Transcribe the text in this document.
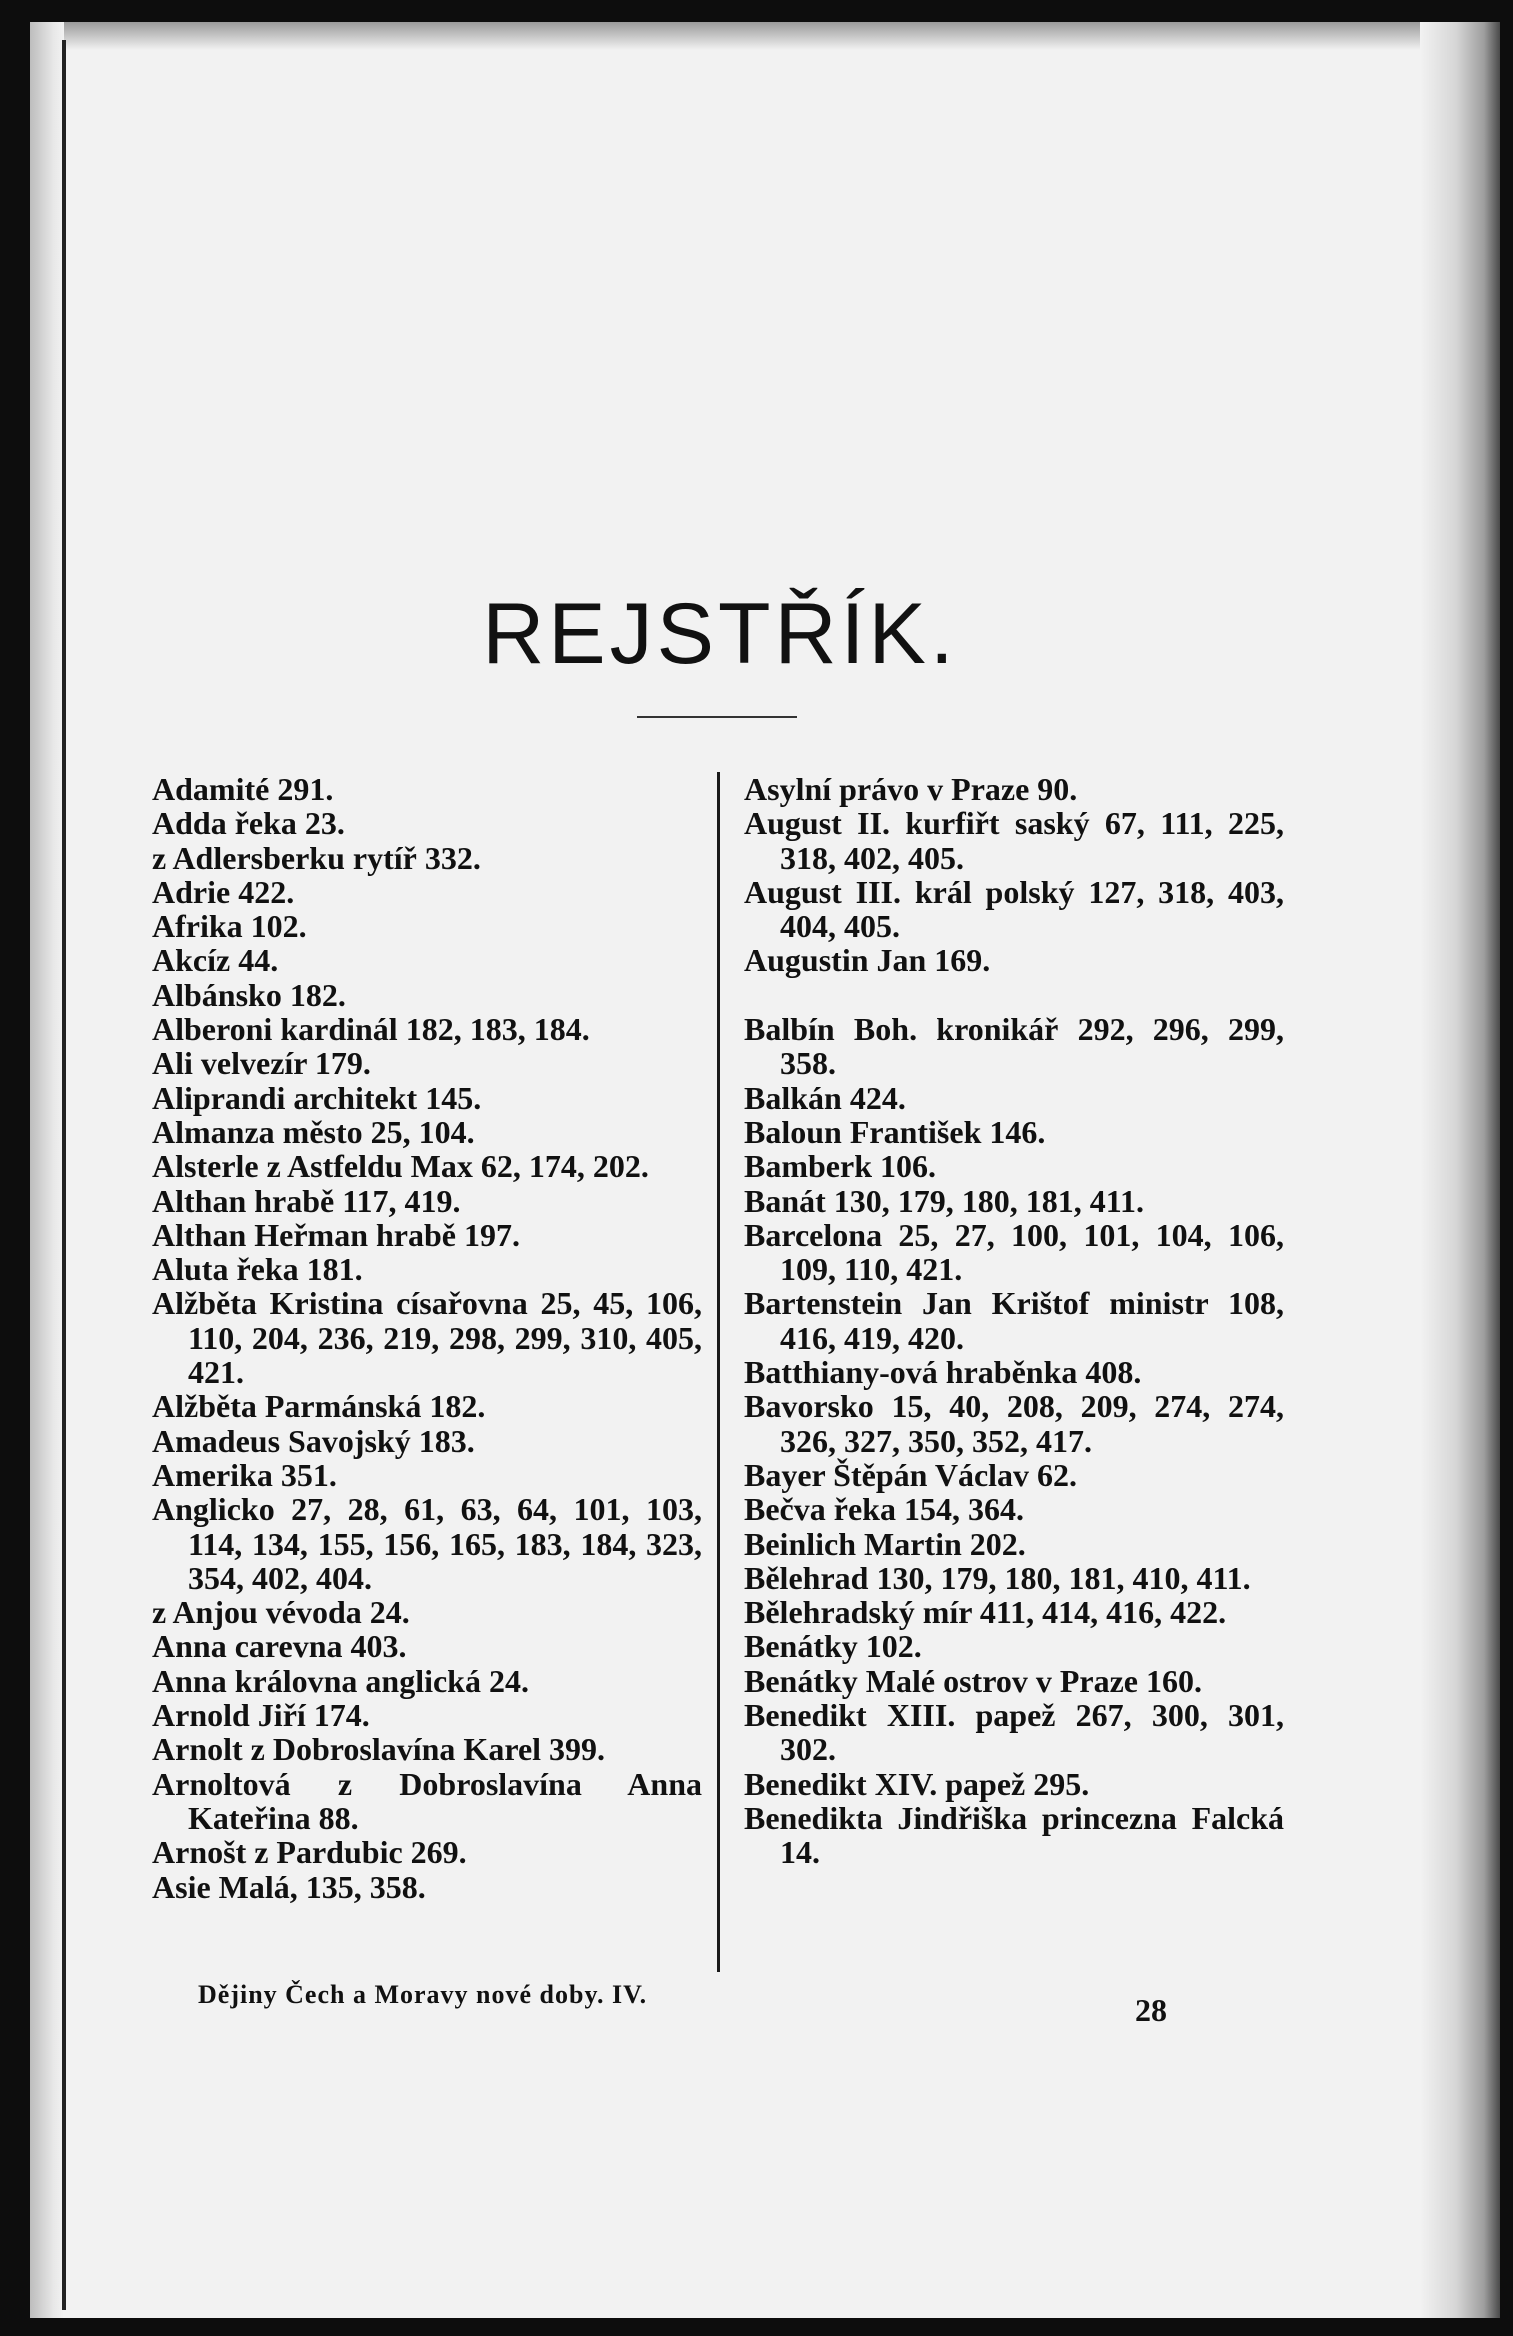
REJSTŘÍK.
Adamité 291.
Adda řeka 23.
z Adlersberku rytíř 332.
Adrie 422.
Afrika 102.
Akcíz 44.
Albánsko 182.
Alberoni kardinál 182, 183, 184.
Ali velvezír 179.
Aliprandi architekt 145.
Almanza město 25, 104.
Alsterle z Astfeldu Max 62, 174, 202.
Althan hrabě 117, 419.
Althan Heřman hrabě 197.
Aluta řeka 181.
Alžběta Kristina císařovna 25, 45, 106, 110, 204, 236, 219, 298, 299, 310, 405, 421.
Alžběta Parmánská 182.
Amadeus Savojský 183.
Amerika 351.
Anglicko 27, 28, 61, 63, 64, 101, 103, 114, 134, 155, 156, 165, 183, 184, 323, 354, 402, 404.
z Anjou vévoda 24.
Anna carevna 403.
Anna královna anglická 24.
Arnold Jiří 174.
Arnolt z Dobroslavína Karel 399.
Arnoltová z Dobroslavína Anna Kateřina 88.
Arnošt z Pardubic 269.
Asie Malá, 135, 358.
Asylní právo v Praze 90.
August II. kurfiřt saský 67, 111, 225, 318, 402, 405.
August III. král polský 127, 318, 403, 404, 405.
Augustin Jan 169.
Balbín Boh. kronikář 292, 296, 299, 358.
Balkán 424.
Baloun František 146.
Bamberk 106.
Banát 130, 179, 180, 181, 411.
Barcelona 25, 27, 100, 101, 104, 106, 109, 110, 421.
Bartenstein Jan Krištof ministr 108, 416, 419, 420.
Batthiany-ová hraběnka 408.
Bavorsko 15, 40, 208, 209, 274, 274, 326, 327, 350, 352, 417.
Bayer Štěpán Václav 62.
Bečva řeka 154, 364.
Beinlich Martin 202.
Bělehrad 130, 179, 180, 181, 410, 411.
Bělehradský mír 411, 414, 416, 422.
Benátky 102.
Benátky Malé ostrov v Praze 160.
Benedikt XIII. papež 267, 300, 301, 302.
Benedikt XIV. papež 295.
Benedikta Jindřiška princezna Falcká 14.
Dějiny Čech a Moravy nové doby. IV.	28
